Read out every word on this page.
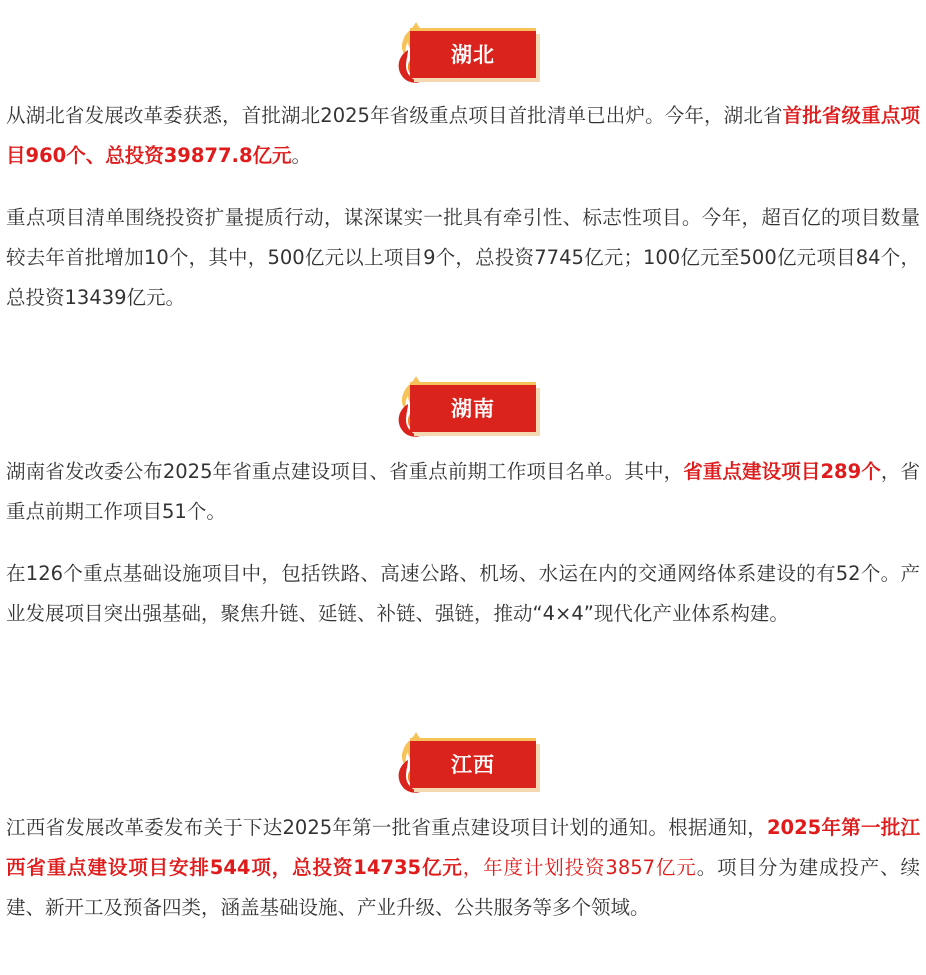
湖北

从湖北省发展改革委获悉，首批湖北2025年省级重点项目首批清单已出炉。今年，湖北省首批省级重点项目960个、总投资39877.8亿元。

重点项目清单围绕投资扩量提质行动，谋深谋实一批具有牵引性、标志性项目。今年，超百亿的项目数量较去年首批增加10个，其中，500亿元以上项目9个，总投资7745亿元；100亿元至500亿元项目84个，总投资13439亿元。

湖南

湖南省发改委公布2025年省重点建设项目、省重点前期工作项目名单。其中，省重点建设项目289个，省重点前期工作项目51个。

在126个重点基础设施项目中，包括铁路、高速公路、机场、水运在内的交通网络体系建设的有52个。产业发展项目突出强基础，聚焦升链、延链、补链、强链，推动“4×4”现代化产业体系构建。

江西

江西省发展改革委发布关于下达2025年第一批省重点建设项目计划的通知。根据通知，2025年第一批江西省重点建设项目安排544项，总投资14735亿元，年度计划投资3857亿元。项目分为建成投产、续建、新开工及预备四类，涵盖基础设施、产业升级、公共服务等多个领域。
